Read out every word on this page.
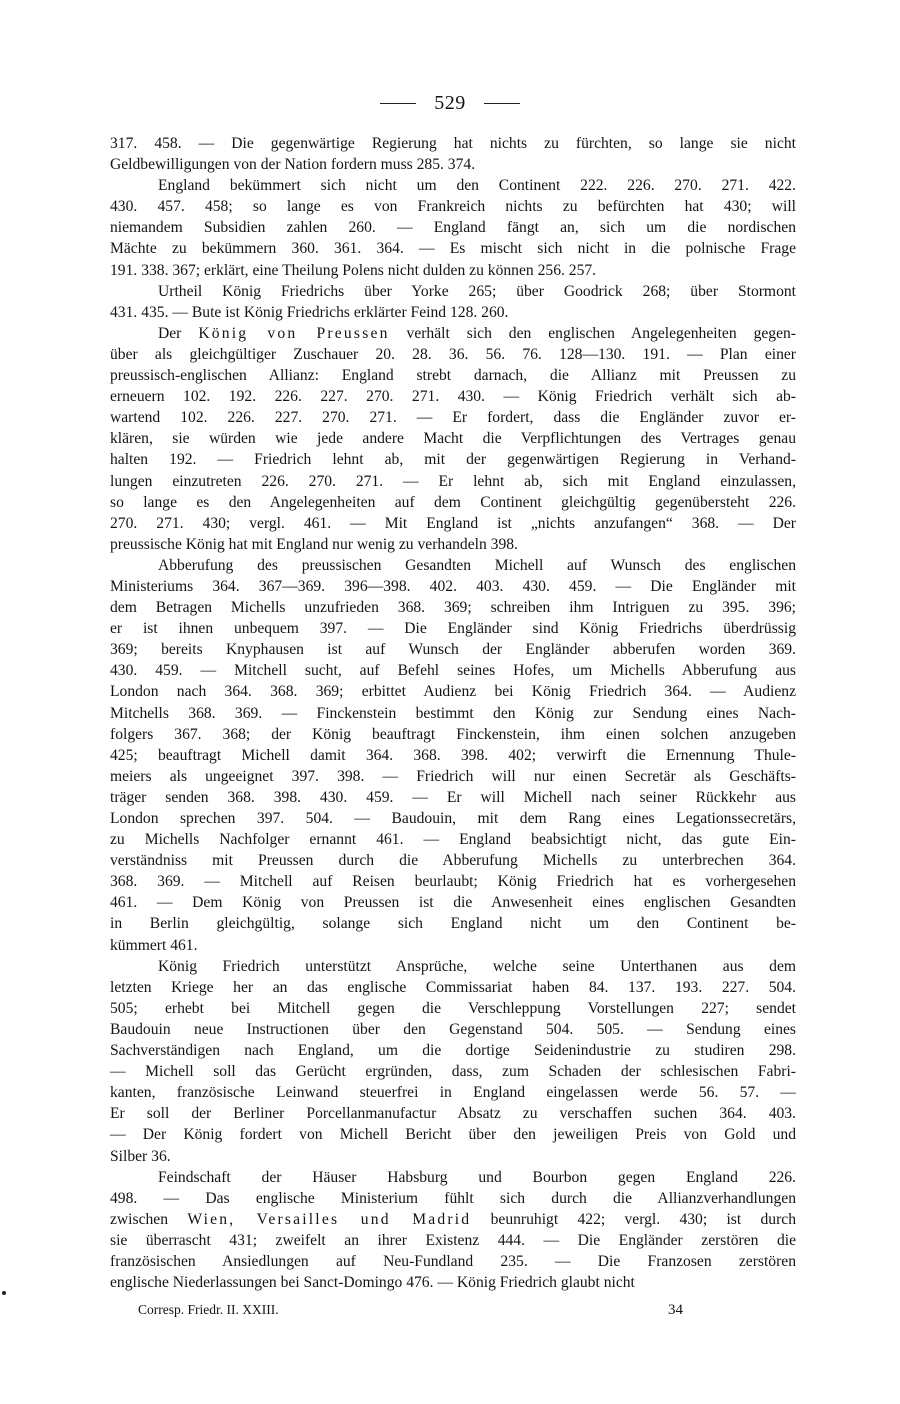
529
317. 458. — Die gegenwärtige Regierung hat nichts zu fürchten, so lange sie nicht
Geldbewilligungen von der Nation fordern muss 285. 374.
England bekümmert sich nicht um den Continent 222. 226. 270. 271. 422.
430. 457. 458; so lange es von Frankreich nichts zu befürchten hat 430; will
niemandem Subsidien zahlen 260. — England fängt an, sich um die nordischen
Mächte zu bekümmern 360. 361. 364. — Es mischt sich nicht in die polnische Frage
191. 338. 367; erklärt, eine Theilung Polens nicht dulden zu können 256. 257.
Urtheil König Friedrichs über Yorke 265; über Goodrick 268; über Stormont
431. 435. — Bute ist König Friedrichs erklärter Feind 128. 260.
Der König von Preussen verhält sich den englischen Angelegenheiten gegen-
über als gleichgültiger Zuschauer 20. 28. 36. 56. 76. 128—130. 191. — Plan einer
preussisch-englischen Allianz: England strebt darnach, die Allianz mit Preussen zu
erneuern 102. 192. 226. 227. 270. 271. 430. — König Friedrich verhält sich ab-
wartend 102. 226. 227. 270. 271. — Er fordert, dass die Engländer zuvor er-
klären, sie würden wie jede andere Macht die Verpflichtungen des Vertrages genau
halten 192. — Friedrich lehnt ab, mit der gegenwärtigen Regierung in Verhand-
lungen einzutreten 226. 270. 271. — Er lehnt ab, sich mit England einzulassen,
so lange es den Angelegenheiten auf dem Continent gleichgültig gegenübersteht 226.
270. 271. 430; vergl. 461. — Mit England ist „nichts anzufangen“ 368. — Der
preussische König hat mit England nur wenig zu verhandeln 398.
Abberufung des preussischen Gesandten Michell auf Wunsch des englischen
Ministeriums 364. 367—369. 396—398. 402. 403. 430. 459. — Die Engländer mit
dem Betragen Michells unzufrieden 368. 369; schreiben ihm Intriguen zu 395. 396;
er ist ihnen unbequem 397. — Die Engländer sind König Friedrichs überdrüssig
369; bereits Knyphausen ist auf Wunsch der Engländer abberufen worden 369.
430. 459. — Mitchell sucht, auf Befehl seines Hofes, um Michells Abberufung aus
London nach 364. 368. 369; erbittet Audienz bei König Friedrich 364. — Audienz
Mitchells 368. 369. — Finckenstein bestimmt den König zur Sendung eines Nach-
folgers 367. 368; der König beauftragt Finckenstein, ihm einen solchen anzugeben
425; beauftragt Michell damit 364. 368. 398. 402; verwirft die Ernennung Thule-
meiers als ungeeignet 397. 398. — Friedrich will nur einen Secretär als Geschäfts-
träger senden 368. 398. 430. 459. — Er will Michell nach seiner Rückkehr aus
London sprechen 397. 504. — Baudouin, mit dem Rang eines Legationssecretärs,
zu Michells Nachfolger ernannt 461. — England beabsichtigt nicht, das gute Ein-
verständniss mit Preussen durch die Abberufung Michells zu unterbrechen 364.
368. 369. — Mitchell auf Reisen beurlaubt; König Friedrich hat es vorhergesehen
461. — Dem König von Preussen ist die Anwesenheit eines englischen Gesandten
in Berlin gleichgültig, solange sich England nicht um den Continent be-
kümmert 461.
König Friedrich unterstützt Ansprüche, welche seine Unterthanen aus dem
letzten Kriege her an das englische Commissariat haben 84. 137. 193. 227. 504.
505; erhebt bei Mitchell gegen die Verschleppung Vorstellungen 227; sendet
Baudouin neue Instructionen über den Gegenstand 504. 505. — Sendung eines
Sachverständigen nach England, um die dortige Seidenindustrie zu studiren 298.
— Michell soll das Gerücht ergründen, dass, zum Schaden der schlesischen Fabri-
kanten, französische Leinwand steuerfrei in England eingelassen werde 56. 57. —
Er soll der Berliner Porcellanmanufactur Absatz zu verschaffen suchen 364. 403.
— Der König fordert von Michell Bericht über den jeweiligen Preis von Gold und
Silber 36.
Feindschaft der Häuser Habsburg und Bourbon gegen England 226.
498. — Das englische Ministerium fühlt sich durch die Allianzverhandlungen
zwischen Wien, Versailles und Madrid beunruhigt 422; vergl. 430; ist durch
sie überrascht 431; zweifelt an ihrer Existenz 444. — Die Engländer zerstören die
französischen Ansiedlungen auf Neu-Fundland 235. — Die Franzosen zerstören
englische Niederlassungen bei Sanct-Domingo 476. — König Friedrich glaubt nicht
Corresp. Friedr. II. XXIII.	34
